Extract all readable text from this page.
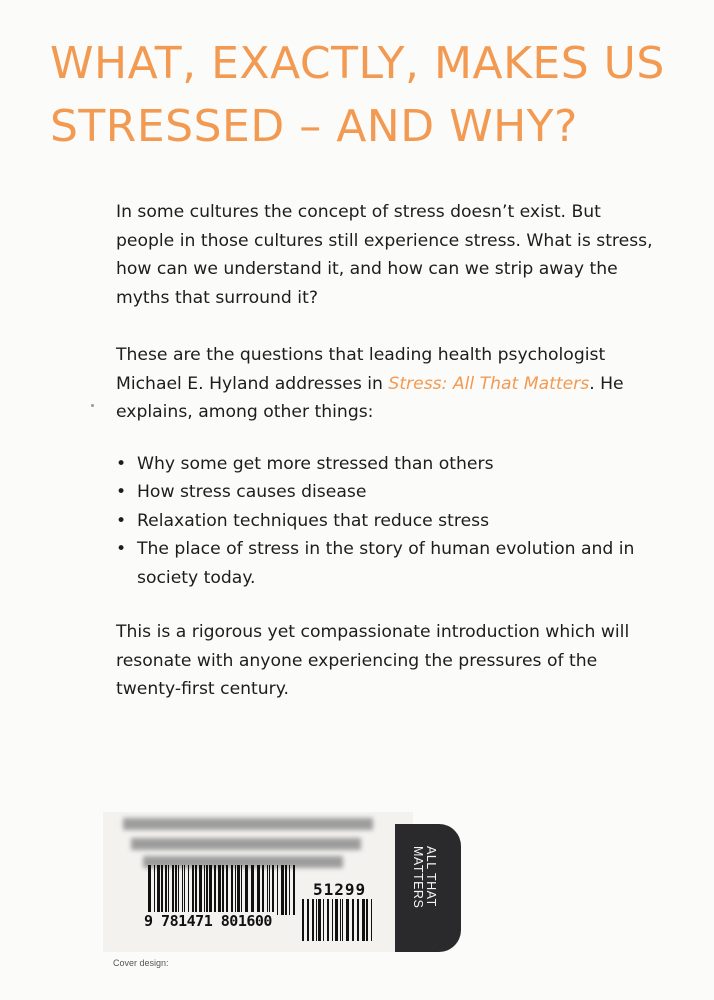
WHAT, EXACTLY, MAKES US
STRESSED – AND WHY?

In some cultures the concept of stress doesn’t exist. But people in those cultures still experience stress. What is stress, how can we understand it, and how can we strip away the myths that surround it?

These are the questions that leading health psychologist Michael E. Hyland addresses in Stress: All That Matters. He explains, among other things:

• Why some get more stressed than others
• How stress causes disease
• Relaxation techniques that reduce stress
• The place of stress in the story of human evolution and in society today.

This is a rigorous yet compassionate introduction which will resonate with anyone experiencing the pressures of the twenty-first century.

9 781471 801600
51299	ALL THAT
MATTERS
Cover design:
